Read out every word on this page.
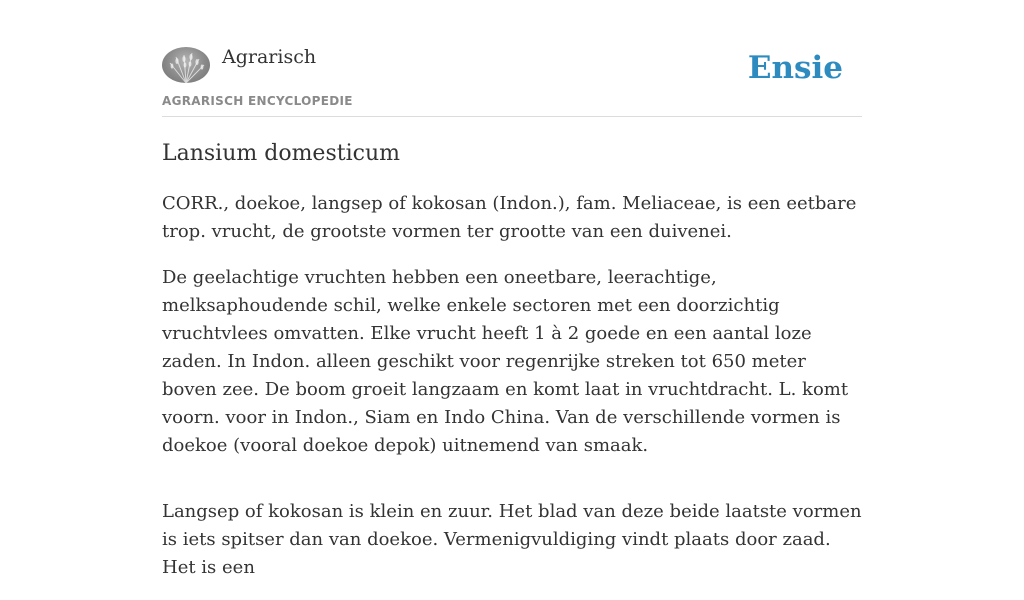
Agrarisch
AGRARISCH ENCYCLOPEDIE
Ensie
Lansium domesticum

CORR., doekoe, langsep of kokosan (Indon.), fam. Meliaceae, is een eetbare trop. vrucht, de grootste vormen ter grootte van een duivenei.

De geelachtige vruchten hebben een oneetbare, leerachtige, melksaphoudende schil, welke enkele sectoren met een doorzichtig vruchtvlees omvatten. Elke vrucht heeft 1 à 2 goede en een aantal loze zaden. In Indon. alleen geschikt voor regenrijke streken tot 650 meter boven zee. De boom groeit langzaam en komt laat in vruchtdracht. L. komt voorn. voor in Indon., Siam en Indo China. Van de verschillende vormen is doekoe (vooral doekoe depok) uitnemend van smaak.

Langsep of kokosan is klein en zuur. Het blad van deze beide laatste vormen is iets spitser dan van doekoe. Vermenigvuldiging vindt plaats door zaad. Het is een
